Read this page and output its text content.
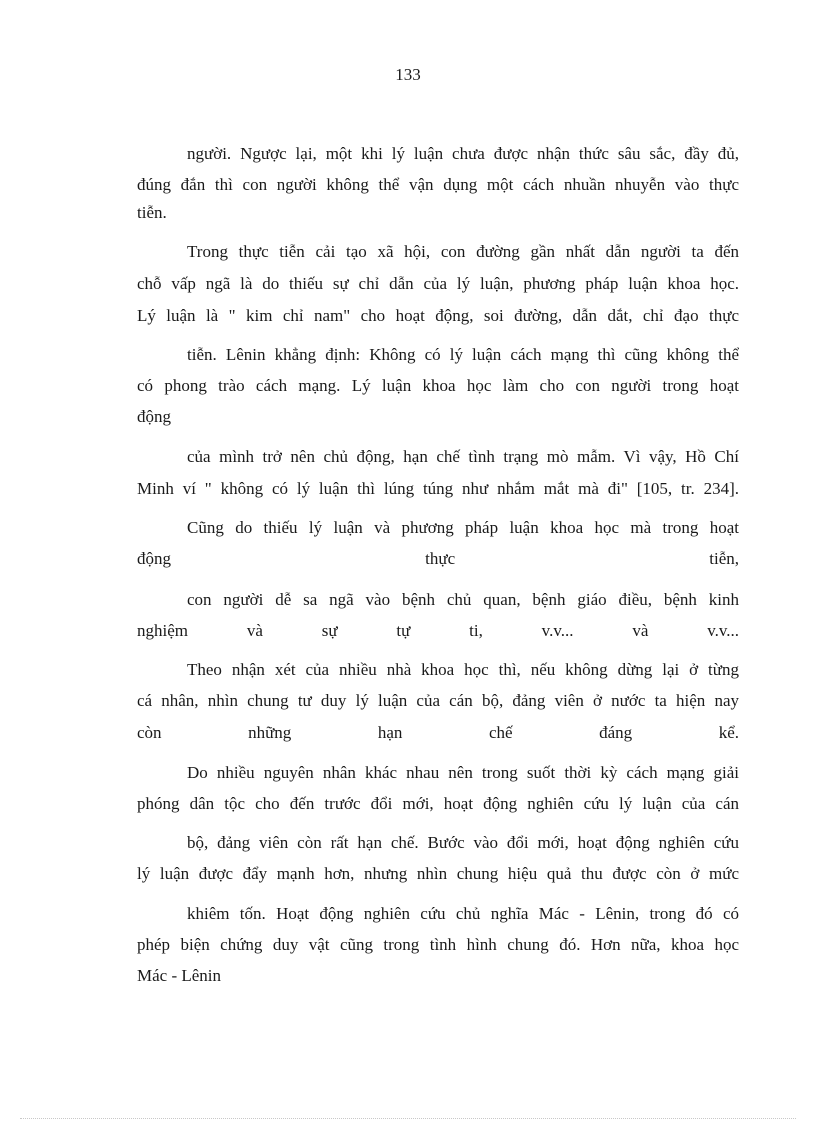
133
người. Ngược lại, một khi lý luận chưa được nhận thức sâu sắc, đầy đủ,
đúng đắn thì con người không thể vận dụng một cách nhuần nhuyễn vào thực
tiễn.
Trong thực tiễn cải tạo xã hội, con đường gần nhất dẫn người ta đến
chỗ vấp ngã là do thiếu sự chỉ dẫn của lý luận, phương pháp luận khoa học.
Lý luận là " kim chỉ nam" cho hoạt động, soi đường, dẫn dắt, chỉ đạo thực
tiễn. Lênin khẳng định: Không có lý luận cách mạng thì cũng không thể
có phong trào cách mạng. Lý luận khoa học làm cho con người trong hoạt
động
của mình trở nên chủ động, hạn chế tình trạng mò mẫm. Vì vậy, Hồ Chí
Minh ví " không có lý luận thì lúng túng như nhắm mắt mà đi" [105, tr. 234].
Cũng do thiếu lý luận và phương pháp luận khoa học mà trong hoạt
động thực tiễn,
con người dễ sa ngã vào bệnh chủ quan, bệnh giáo điều, bệnh kinh
nghiệm và sự tự ti, v.v... và v.v...
Theo nhận xét của nhiều nhà khoa học thì, nếu không dừng lại ở từng
cá nhân, nhìn chung tư duy lý luận của cán bộ, đảng viên ở nước ta hiện nay
còn những hạn chế đáng kể.
Do nhiều nguyên nhân khác nhau nên trong suốt thời kỳ cách mạng giải
phóng dân tộc cho đến trước đổi mới, hoạt động nghiên cứu lý luận của cán
bộ, đảng viên còn rất hạn chế. Bước vào đổi mới, hoạt động nghiên cứu
lý luận được đẩy mạnh hơn, nhưng nhìn chung hiệu quả thu được còn ở mức
khiêm tốn. Hoạt động nghiên cứu chủ nghĩa Mác - Lênin, trong đó có
phép biện chứng duy vật cũng trong tình hình chung đó. Hơn nữa, khoa học
Mác - Lênin
